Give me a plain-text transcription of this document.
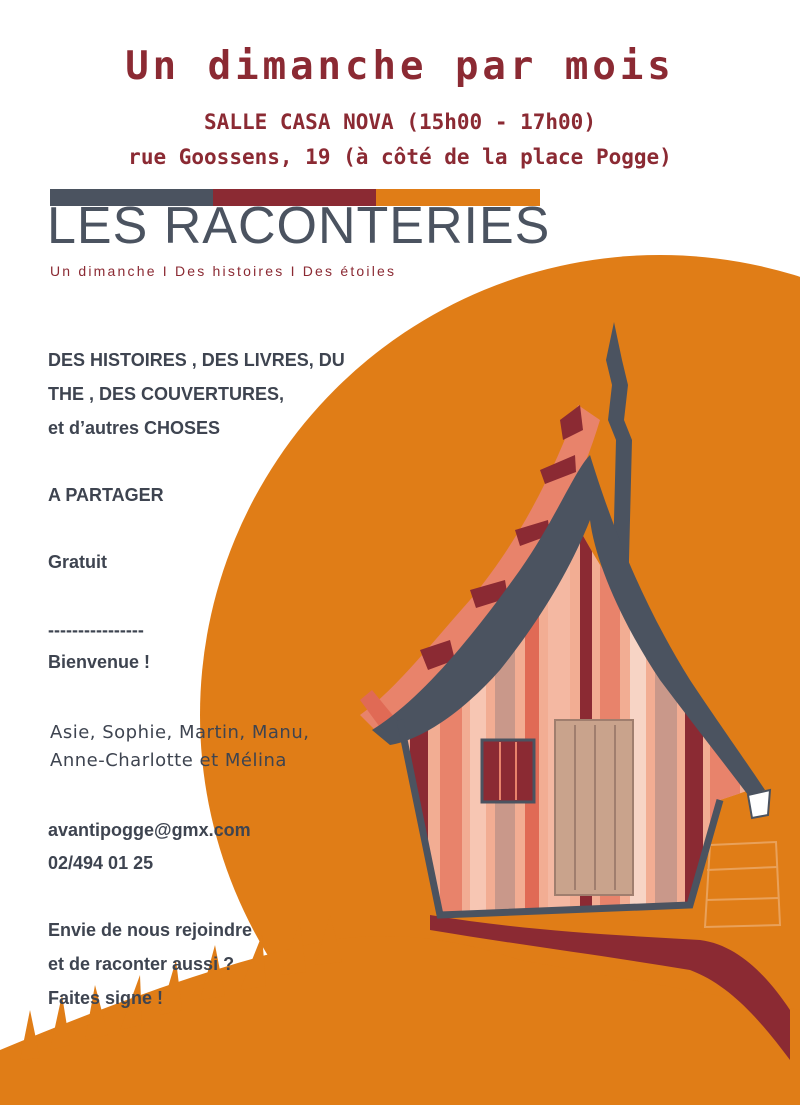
Un dimanche par mois
SALLE CASA NOVA (15h00 - 17h00)
rue Goossens, 19 (à côté de la place Pogge)
LES RACONTERIES
Un dimanche I Des histoires I Des étoiles
DES HISTOIRES , DES LIVRES, DU
THE , DES COUVERTURES,
et d’autres CHOSES
A PARTAGER
Gratuit
----------------
Bienvenue !
Asie, Sophie, Martin, Manu,
Anne-Charlotte et Mélina
avantipogge@gmx.com
02/494 01 25
Envie de nous rejoindre
et de raconter aussi ?
Faites signe !
